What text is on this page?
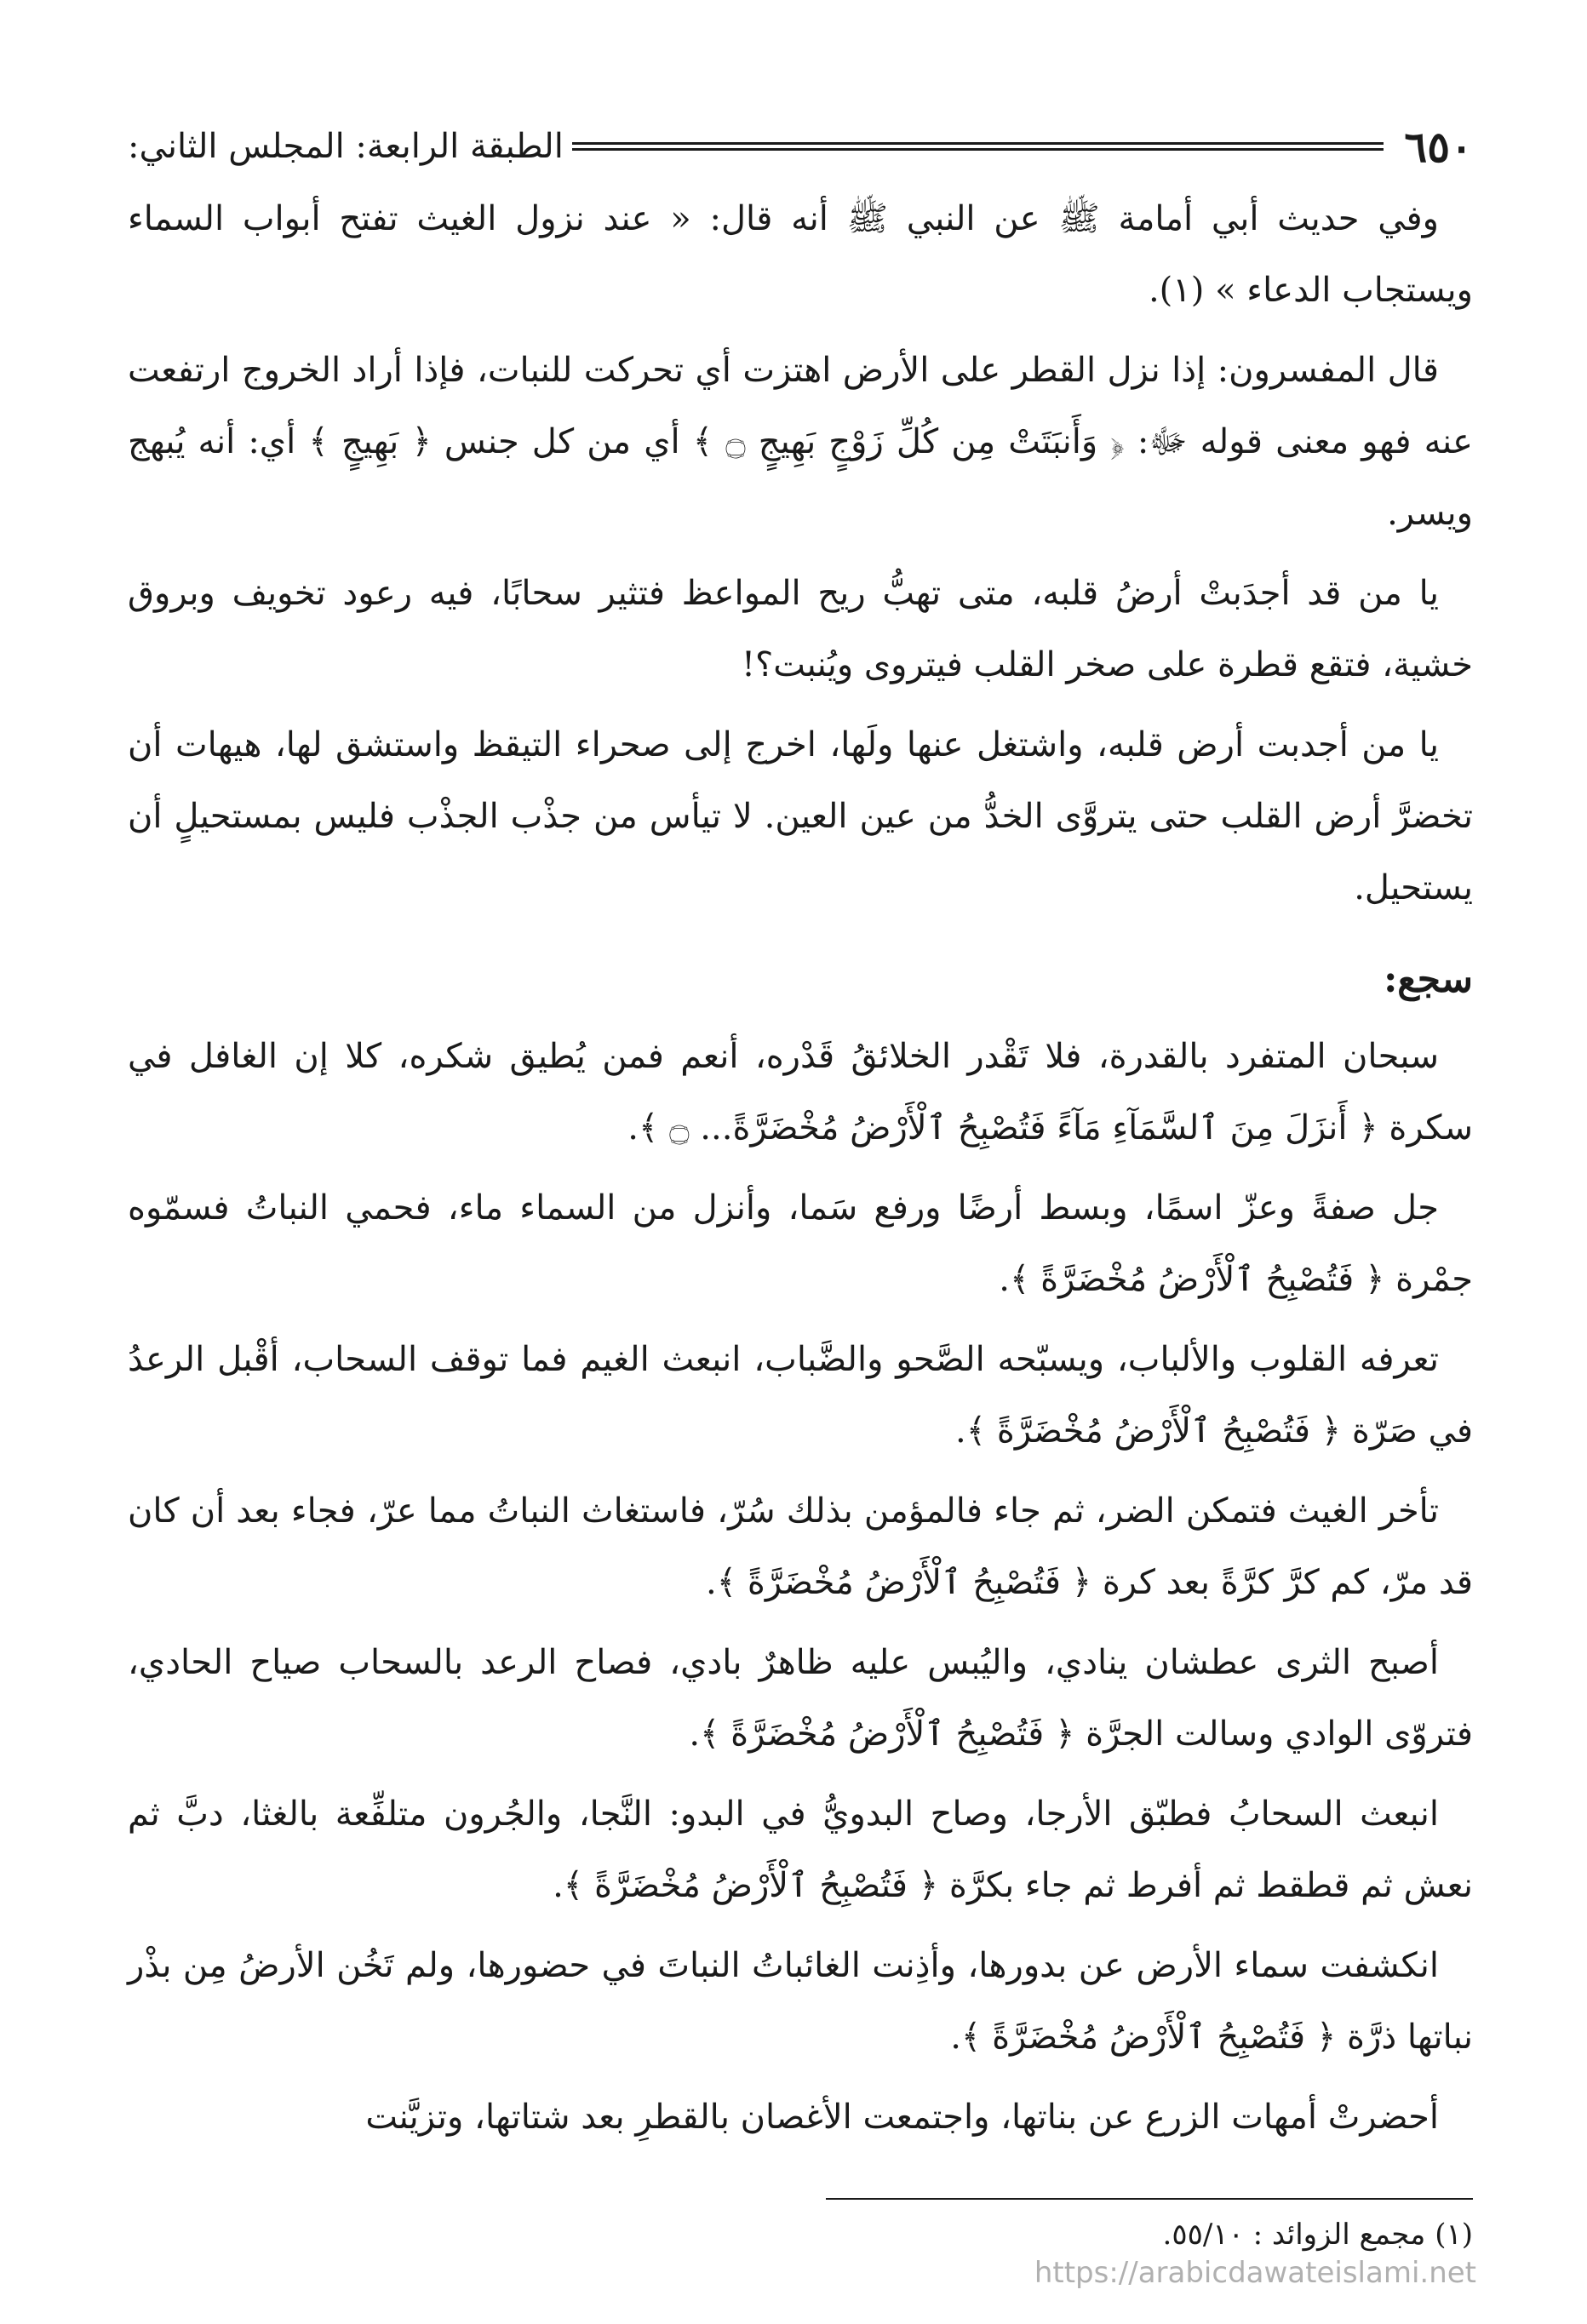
٦٥٠
الطبقة الرابعة: المجلس الثاني:

وفي حديث أبي أمامة ﷺ عن النبي ﷺ أنه قال: « عند نزول الغيث تفتح أبواب السماء ويستجاب الدعاء » (١).

قال المفسرون: إذا نزل القطر على الأرض اهتزت أي تحركت للنبات، فإذا أراد الخروج ارتفعت عنه فهو معنى قوله ﷻ: ﴿ وَأَنبَتَتْ مِن كُلِّ زَوْجٍ بَهِيجٍ ۝ ﴾ أي من كل جنس ﴿ بَهِيجٍ ﴾ أي: أنه يُبهج ويسر.

يا من قد أجدَبتْ أرضُ قلبه، متى تهبُّ ريح المواعظ فتثير سحابًا، فيه رعود تخويف وبروق خشية، فتقع قطرة على صخر القلب فيتروى ويُنبت؟!

يا من أجدبت أرض قلبه، واشتغل عنها ولَها، اخرج إلى صحراء التيقظ واستشق لها، هيهات أن تخضرَّ أرض القلب حتى يتروَّى الخدُّ من عين العين. لا تيأس من جذْب الجذْب فليس بمستحيلٍ أن يستحيل.

سجع:

سبحان المتفرد بالقدرة، فلا تَقْدر الخلائقُ قَدْره، أنعم فمن يُطيق شكره، كلا إن الغافل في سكرة ﴿ أَنزَلَ مِنَ ٱلسَّمَآءِ مَآءً فَتُصْبِحُ ٱلْأَرْضُ مُخْضَرَّةً... ۝ ﴾.

جل صفةً وعزّ اسمًا، وبسط أرضًا ورفع سَما، وأنزل من السماء ماء، فحمي النباتُ فسمّوه جمْرة ﴿ فَتُصْبِحُ ٱلْأَرْضُ مُخْضَرَّةً ﴾.

تعرفه القلوب والألباب، ويسبّحه الصَّحو والضَّباب، انبعث الغيم فما توقف السحاب، أقْبل الرعدُ في صَرّة ﴿ فَتُصْبِحُ ٱلْأَرْضُ مُخْضَرَّةً ﴾.

تأخر الغيث فتمكن الضر، ثم جاء فالمؤمن بذلك سُرّ، فاستغاث النباتُ مما عرّ، فجاء بعد أن كان قد مرّ، كم كرَّ كرَّةً بعد كرة ﴿ فَتُصْبِحُ ٱلْأَرْضُ مُخْضَرَّةً ﴾.

أصبح الثرى عطشان ينادي، واليُبس عليه ظاهرٌ بادي، فصاح الرعد بالسحاب صياح الحادي، فتروّى الوادي وسالت الجرَّة ﴿ فَتُصْبِحُ ٱلْأَرْضُ مُخْضَرَّةً ﴾.

انبعث السحابُ فطبّق الأرجا، وصاح البدويُّ في البدو: النَّجا، والجُرون متلفِّعة بالغثا، دبَّ ثم نعش ثم قطقط ثم أفرط ثم جاء بكرَّة ﴿ فَتُصْبِحُ ٱلْأَرْضُ مُخْضَرَّةً ﴾.

انكشفت سماء الأرض عن بدورها، وأذِنت الغائباتُ النباتَ في حضورها، ولم تَخُن الأرضُ مِن بذْر نباتها ذرَّة ﴿ فَتُصْبِحُ ٱلْأَرْضُ مُخْضَرَّةً ﴾.

أحضرتْ أمهات الزرع عن بناتها، واجتمعت الأغصان بالقطرِ بعد شتاتها، وتزيَّنت

(١) مجمع الزوائد : ٥٥/١٠.
https://arabicdawateislami.net
